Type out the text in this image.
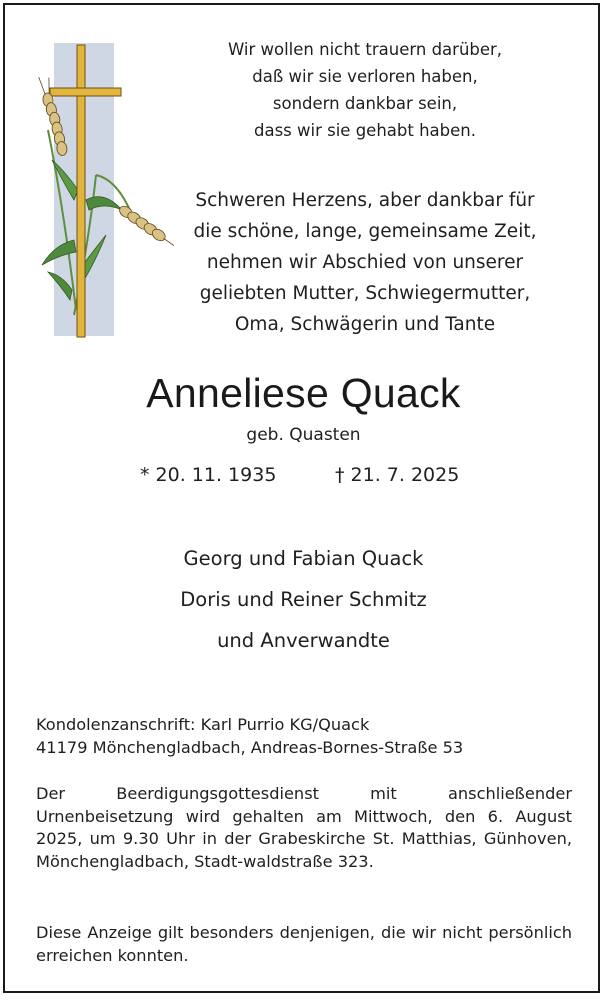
Wir wollen nicht trauern darüber,
daß wir sie verloren haben,
sondern dankbar sein,
dass wir sie gehabt haben.
Schweren Herzens, aber dankbar für
die schöne, lange, gemeinsame Zeit,
nehmen wir Abschied von unserer
geliebten Mutter, Schwiegermutter,
Oma, Schwägerin und Tante
Anneliese Quack
geb. Quasten
* 20. 11. 1935	† 21. 7. 2025
Georg und Fabian Quack
Doris und Reiner Schmitz
und Anverwandte
Kondolenzanschrift: Karl Purrio KG/Quack
41179 Mönchengladbach, Andreas-Bornes-Straße 53
Der Beerdigungsgottesdienst mit anschließender Urnenbeisetzung wird gehalten am Mittwoch, den 6. August 2025, um 9.30 Uhr in der Grabeskirche St. Matthias, Günhoven, Mönchengladbach, Stadt-waldstraße 323.
Diese Anzeige gilt besonders denjenigen, die wir nicht persönlich erreichen konnten.
